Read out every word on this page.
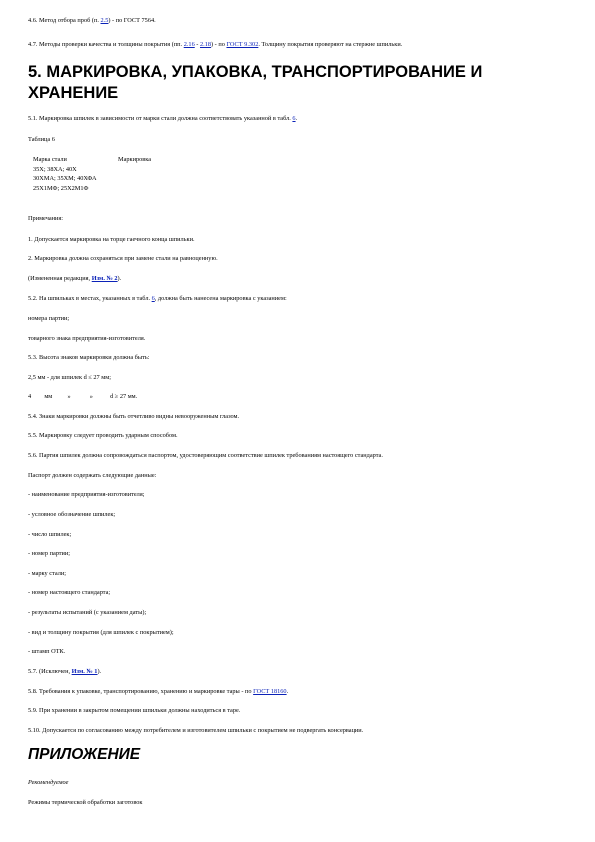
4.6. Метод отбора проб (п. 2.5) - по ГОСТ 7564.
4.7. Методы проверки качества и толщины покрытия (пп. 2.16 - 2.18) - по ГОСТ 9.302. Толщину покрытия проверяют на стержне шпильки.
5. МАРКИРОВКА, УПАКОВКА, ТРАНСПОРТИРОВАНИЕ И ХРАНЕНИЕ
5.1. Маркировка шпилек в зависимости от марки стали должна соответствовать указанной в табл. 6.
Таблица 6
Марка стали	Маркировка
35Х; 38ХА; 40Х
30ХМА; 35ХМ; 40ХФА
25Х1МФ; 25Х2М1Ф
Примечания:
1. Допускается маркировка на торце гаечного конца шпильки.
2. Маркировка должна сохраняться при замене стали на равноценную.
(Измененная редакция, Изм. № 2).
5.2. На шпильках в местах, указанных в табл. 6, должна быть нанесена маркировка с указанием:
номера партии;
товарного знака предприятия-изготовителя.
5.3. Высота знаков маркировки должна быть:
2,5 мм - для шпилек d ≤ 27 мм;
4 мм »	»	d ≥ 27 мм.
5.4. Знаки маркировки должны быть отчетливо видны невооруженным глазом.
5.5. Маркировку следует проводить ударным способом.
5.6. Партия шпилек должна сопровождаться паспортом, удостоверяющим соответствие шпилек требованиям настоящего стандарта.
Паспорт должен содержать следующие данные:
- наименование предприятия-изготовителя;
- условное обозначение шпилек;
- число шпилек;
- номер партии;
- марку стали;
- номер настоящего стандарта;
- результаты испытаний (с указанием даты);
- вид и толщину покрытия (для шпилек с покрытием);
- штамп ОТК.
5.7. (Исключен, Изм. № 1).
5.8. Требования к упаковке, транспортированию, хранению и маркировке тары - по ГОСТ 18160.
5.9. При хранении в закрытом помещении шпильки должны находиться в таре.
5.10. Допускается по согласованию между потребителем и изготовителем шпильки с покрытием не подвергать консервации.
ПРИЛОЖЕНИЕ
Рекомендуемое
Режимы термической обработки заготовок
